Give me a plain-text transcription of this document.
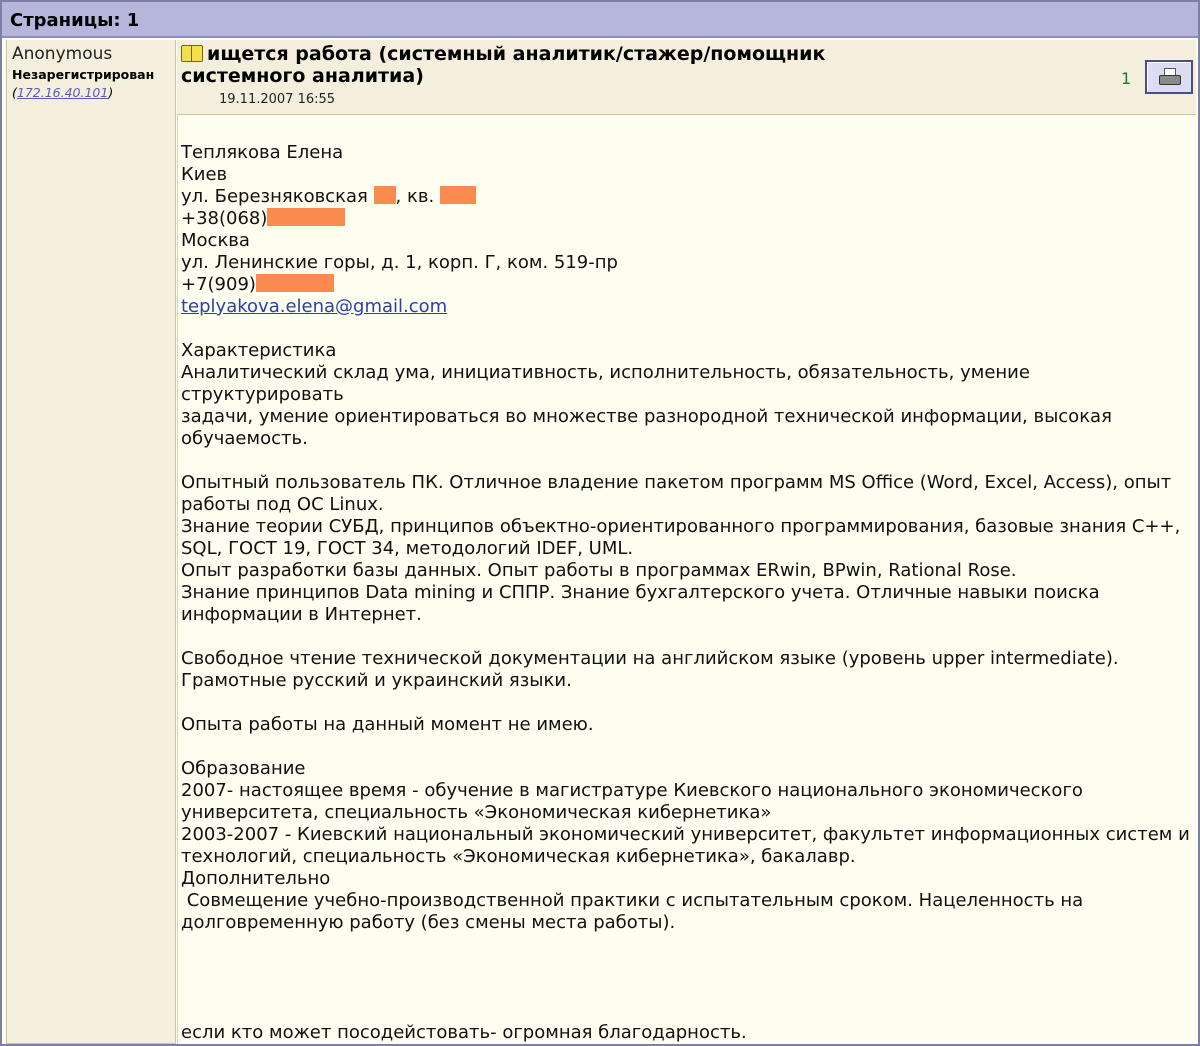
Страницы: 1
Anonymous
Незарегистрирован
(172.16.40.101)
ищется работа (системный аналитик/стажер/помощник
системного аналитиа)
19.11.2007 16:55
1
Теплякова Елена
Киев
ул. Березняковская , кв.
+38(068)
Москва
ул. Ленинские горы, д. 1, корп. Г, ком. 519-пр
+7(909)
teplyakova.elena@gmail.com
Характеристика
Аналитический склад ума, инициативность, исполнительность, обязательность, умение структурировать
задачи, умение ориентироваться во множестве разнородной технической информации, высокая
обучаемость.
Опытный пользователь ПК. Отличное владение пакетом программ MS Office (Word, Excel, Access), опыт
работы под ОС Linux.
Знание теории СУБД, принципов объектно-ориентированного программирования, базовые знания С++,
SQL, ГОСТ 19, ГОСТ 34, методологий IDEF, UML.
Опыт разработки базы данных. Опыт работы в программах ERwin, BPwin, Rational Rose.
Знание принципов Data mining и СППР. Знание бухгалтерского учета. Отличные навыки поиска
информации в Интернет.
Свободное чтение технической документации на английском языке (уровень upper intermediate).
Грамотные русский и украинский языки.
Опыта работы на данный момент не имею.
Образование
2007- настоящее время - обучение в магистратуре Киевского национального экономического
университета, специальность «Экономическая кибернетика»
2003-2007 - Киевский национальный экономический университет, факультет информационных систем и
технологий, специальность «Экономическая кибернетика», бакалавр.
Дополнительно
Совмещение учебно-производственной практики с испытательным сроком. Нацеленность на
долговременную работу (без смены места работы).
если кто может посодейстовать- огромная благодарность.
